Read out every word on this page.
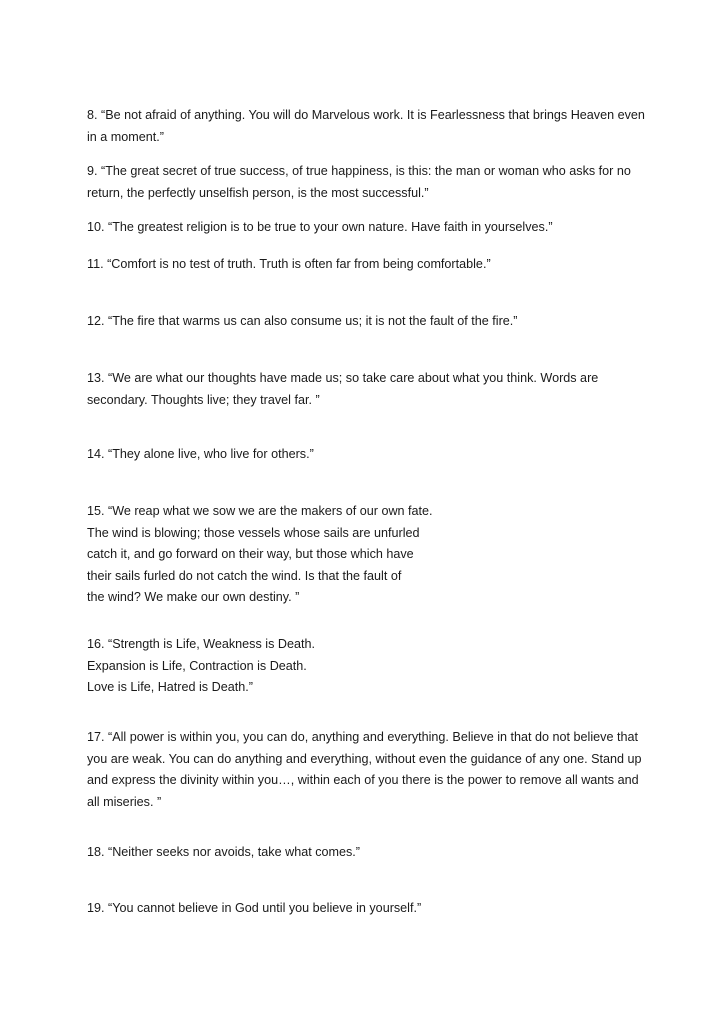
8. “Be not afraid of anything. You will do Marvelous work. It is Fearlessness that brings Heaven even
in a moment.”

9. “The great secret of true success, of true happiness, is this: the man or woman who asks for no
return, the perfectly unselfish person, is the most successful.”

10. “The greatest religion is to be true to your own nature. Have faith in yourselves.”

11. “Comfort is no test of truth. Truth is often far from being comfortable.”

12. “The fire that warms us can also consume us; it is not the fault of the fire.”

13. “We are what our thoughts have made us; so take care about what you think. Words are
secondary. Thoughts live; they travel far. ”

14. “They alone live, who live for others.”

15. “We reap what we sow we are the makers of our own fate.
The wind is blowing; those vessels whose sails are unfurled
catch it, and go forward on their way, but those which have
their sails furled do not catch the wind. Is that the fault of
the wind? We make our own destiny. ”

16. “Strength is Life, Weakness is Death.
Expansion is Life, Contraction is Death.
Love is Life, Hatred is Death.”

17. “All power is within you, you can do, anything and everything. Believe in that do not believe that
you are weak. You can do anything and everything, without even the guidance of any one. Stand up
and express the divinity within you…, within each of you there is the power to remove all wants and
all miseries. ”

18. “Neither seeks nor avoids, take what comes.”

19. “You cannot believe in God until you believe in yourself.”
